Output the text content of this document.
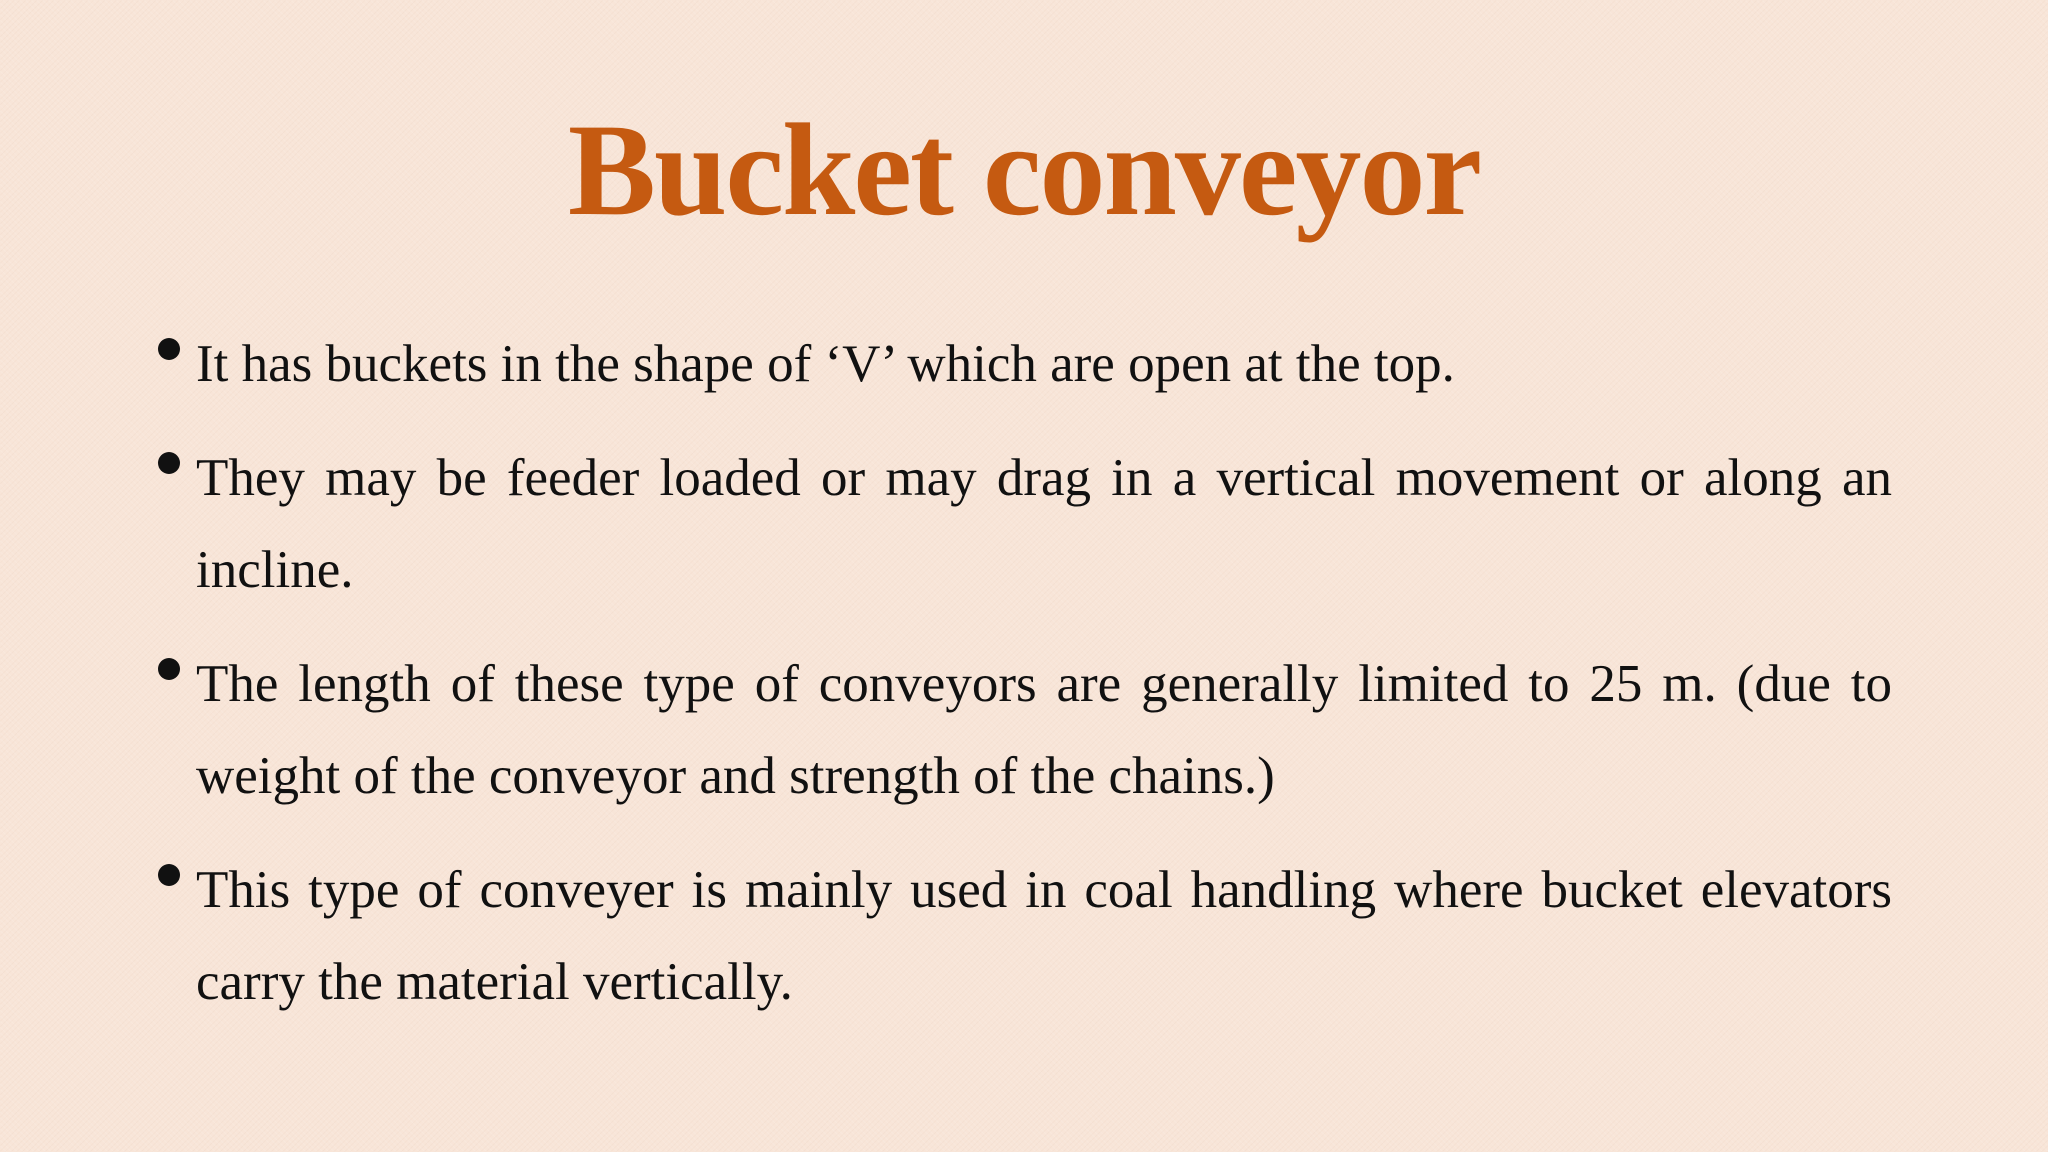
Bucket conveyor
It has buckets in the shape of ‘V’ which are open at the top.
They may be feeder loaded or may drag in a vertical movement or along an incline.
The length of these type of conveyors are generally limited to 25 m. (due to weight of the conveyor and strength of the chains.)
This type of conveyer is mainly used in coal handling where bucket elevators carry the material vertically.
